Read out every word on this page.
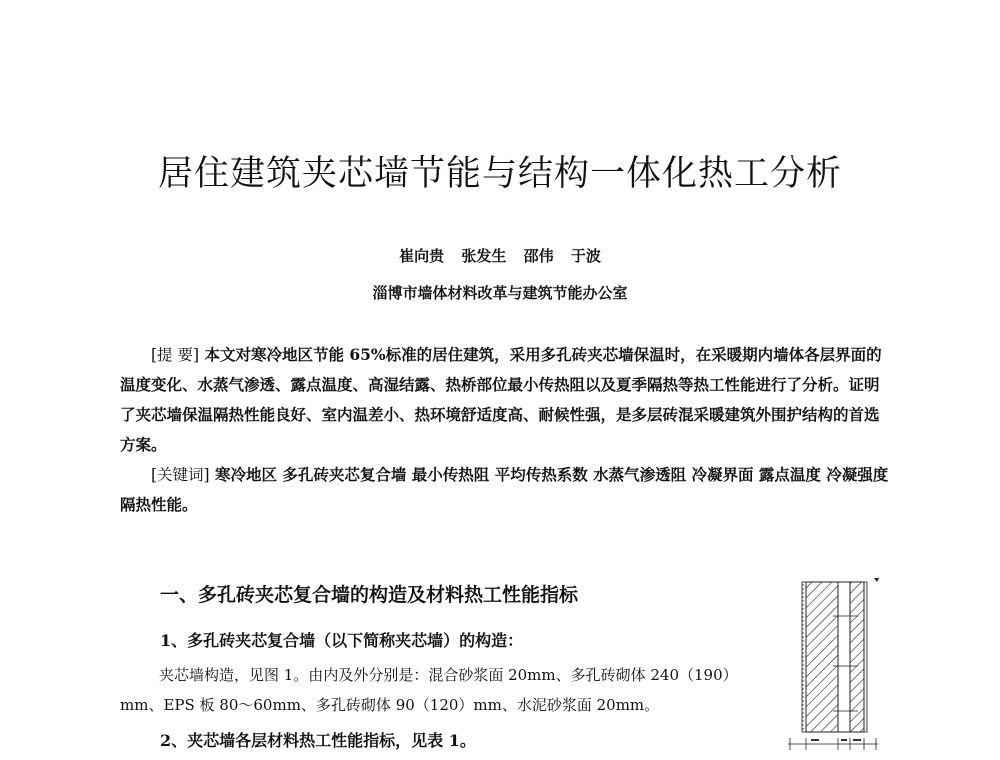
居住建筑夹芯墙节能与结构一体化热工分析
崔向贵 张发生 邵伟 于波
淄博市墙体材料改革与建筑节能办公室

[提 要] 本文对寒冷地区节能 65%标准的居住建筑，采用多孔砖夹芯墙保温时，在采暖期内墙体各层界面的温度变化、水蒸气渗透、露点温度、高湿结露、热桥部位最小传热阻以及夏季隔热等热工性能进行了分析。证明了夹芯墙保温隔热性能良好、室内温差小、热环境舒适度高、耐候性强，是多层砖混采暖建筑外围护结构的首选方案。

[关键词] 寒冷地区 多孔砖夹芯复合墙 最小传热阻 平均传热系数 水蒸气渗透阻 冷凝界面 露点温度 冷凝强度 隔热性能。

一、多孔砖夹芯复合墙的构造及材料热工性能指标
1、多孔砖夹芯复合墙（以下简称夹芯墙）的构造：

夹芯墙构造，见图 1。由内及外分别是：混合砂浆面 20mm、多孔砖砌体 240（190）mm、EPS 板 80～60mm、多孔砖砌体 90（120）mm、水泥砂浆面 20mm。

2、夹芯墙各层材料热工性能指标，见表 1。
